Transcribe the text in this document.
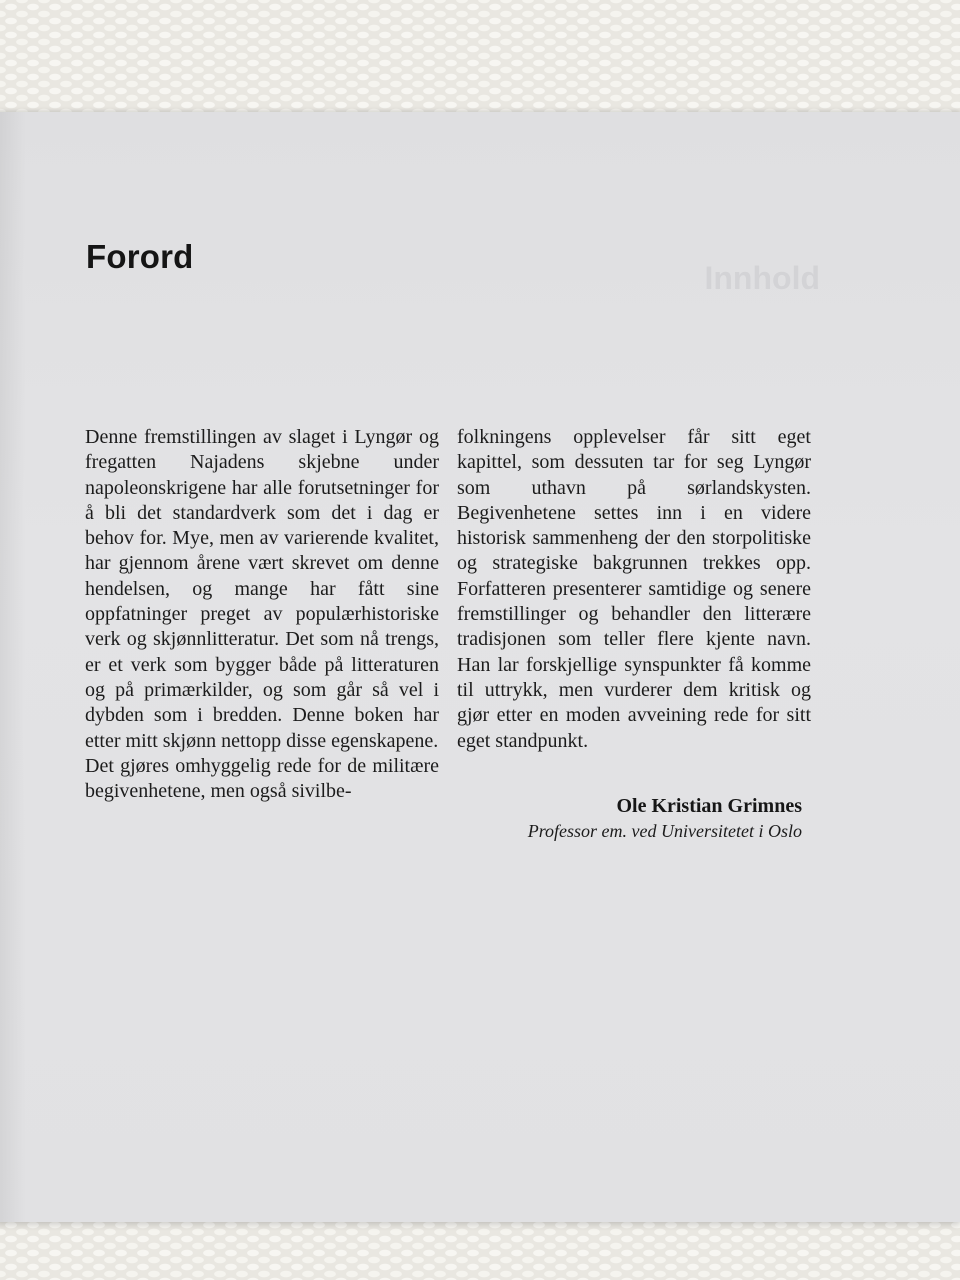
Innhold
Forord

Denne fremstillingen av slaget i Lyngør og fregatten Najadens skjebne under napoleonskrigene har alle forutsetninger for å bli det standardverk som det i dag er behov for. Mye, men av varierende kvalitet, har gjennom årene vært skrevet om denne hendelsen, og mange har fått sine oppfatninger preget av populærhistoriske verk og skjønnlitteratur. Det som nå trengs, er et verk som bygger både på litteraturen og på primærkilder, og som går så vel i dybden som i bredden. Denne boken har etter mitt skjønn nettopp disse egenskapene.

Det gjøres omhyggelig rede for de militære begivenhetene, men også sivilbe-

folkningens opplevelser får sitt eget kapittel, som dessuten tar for seg Lyngør som uthavn på sørlandskysten. Begivenhetene settes inn i en videre historisk sammenheng der den storpolitiske og strategiske bakgrunnen trekkes opp. Forfatteren presenterer samtidige og senere fremstillinger og behandler den litterære tradisjonen som teller flere kjente navn. Han lar forskjellige synspunkter få komme til uttrykk, men vurderer dem kritisk og gjør etter en moden avveining rede for sitt eget standpunkt.

Ole Kristian Grimnes

Professor em. ved Universitetet i Oslo
